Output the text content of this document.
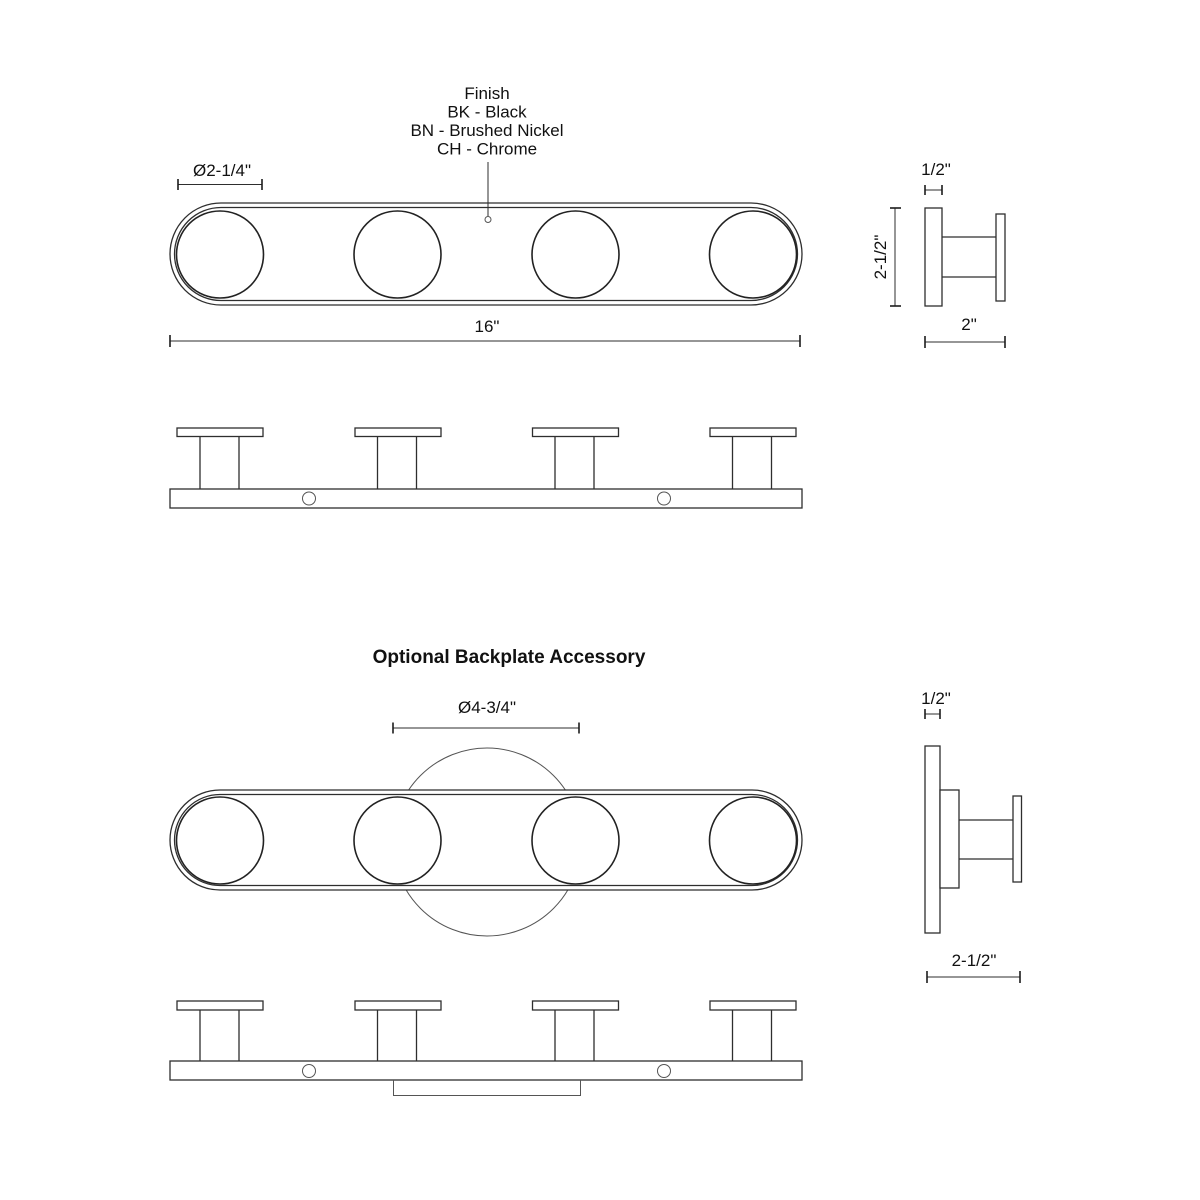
Finish
BK - Black
BN - Brushed Nickel
CH - Chrome
Ø2-1/4"
16"
1/2"
2-1/2"
2"
Optional Backplate Accessory
Ø4-3/4"	1/2"
2-1/2"
